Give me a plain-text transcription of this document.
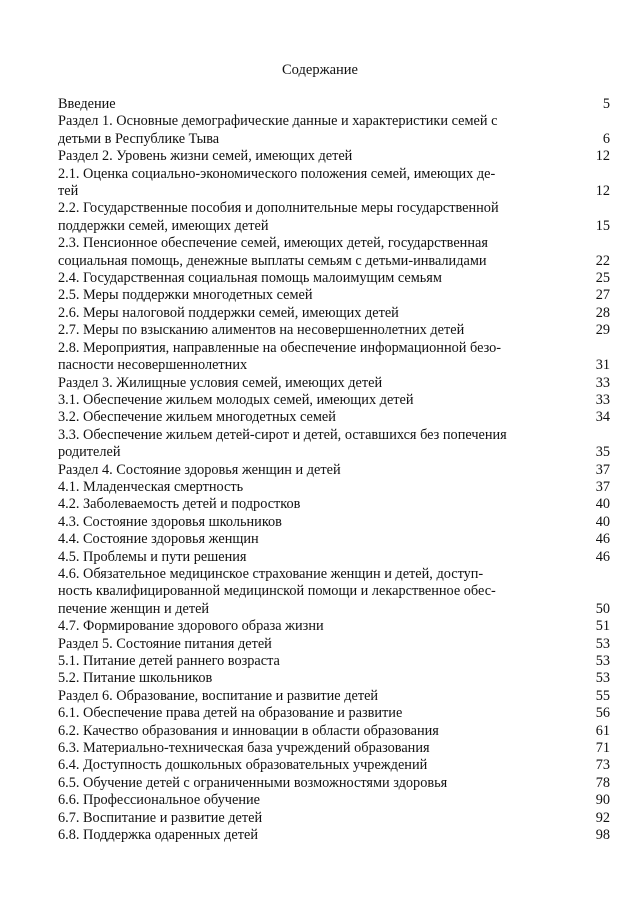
Содержание
Введение	5
Раздел 1. Основные демографические данные и характеристики семей с
детьми в Республике Тыва	6
Раздел 2. Уровень жизни семей, имеющих детей	12
2.1. Оценка социально-экономического положения семей, имеющих де-
тей	12
2.2. Государственные пособия и дополнительные меры государственной
поддержки семей, имеющих детей	15
2.3. Пенсионное обеспечение семей, имеющих детей, государственная
социальная помощь, денежные выплаты семьям с детьми-инвалидами	22
2.4. Государственная социальная помощь малоимущим семьям	25
2.5. Меры поддержки многодетных семей	27
2.6. Меры налоговой поддержки семей, имеющих детей	28
2.7. Меры по взысканию алиментов на несовершеннолетних детей	29
2.8. Мероприятия, направленные на обеспечение информационной безо-
пасности несовершеннолетних	31
Раздел 3. Жилищные условия семей, имеющих детей	33
3.1. Обеспечение жильем молодых семей, имеющих детей	33
3.2. Обеспечение жильем многодетных семей	34
3.3. Обеспечение жильем детей-сирот и детей, оставшихся без попечения
родителей	35
Раздел 4. Состояние здоровья женщин и детей	37
4.1. Младенческая смертность	37
4.2. Заболеваемость детей и подростков	40
4.3. Состояние здоровья школьников	40
4.4. Состояние здоровья женщин	46
4.5. Проблемы и пути решения	46
4.6. Обязательное медицинское страхование женщин и детей, доступ-
ность квалифицированной медицинской помощи и лекарственное обес-
печение женщин и детей	50
4.7. Формирование здорового образа жизни	51
Раздел 5. Состояние питания детей	53
5.1. Питание детей раннего возраста	53
5.2. Питание школьников	53
Раздел 6. Образование, воспитание и развитие детей	55
6.1. Обеспечение права детей на образование и развитие	56
6.2. Качество образования и инновации в области образования	61
6.3. Материально-техническая база учреждений образования	71
6.4. Доступность дошкольных образовательных учреждений	73
6.5. Обучение детей с ограниченными возможностями здоровья	78
6.6. Профессиональное обучение	90
6.7. Воспитание и развитие детей	92
6.8. Поддержка одаренных детей	98
